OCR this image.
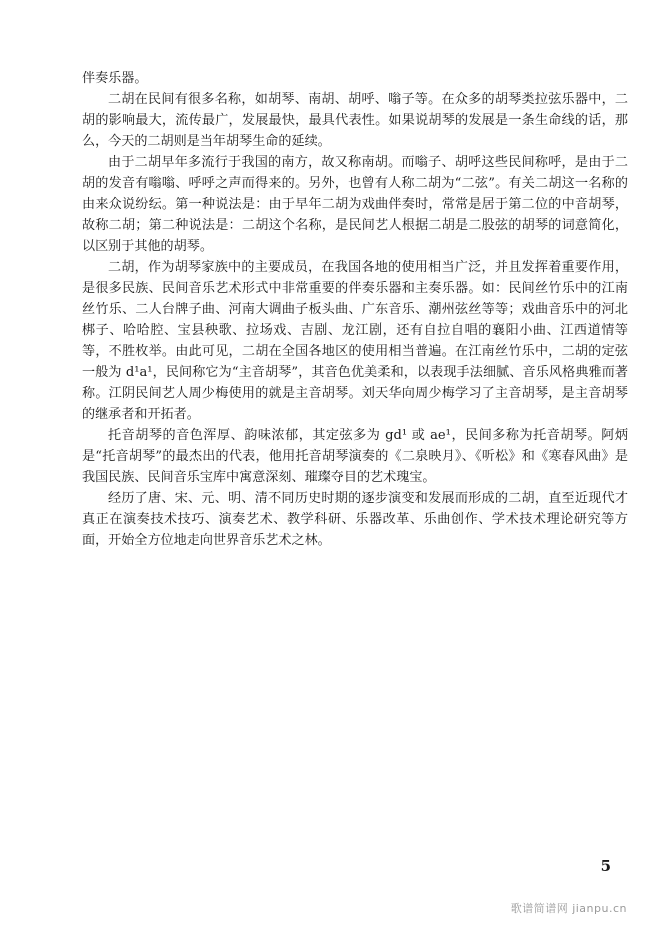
伴奏乐器。

二胡在民间有很多名称，如胡琴、南胡、胡呼、嗡子等。在众多的胡琴类拉弦乐器中，二胡的影响最大，流传最广，发展最快，最具代表性。如果说胡琴的发展是一条生命线的话，那么，今天的二胡则是当年胡琴生命的延续。

由于二胡早年多流行于我国的南方，故又称南胡。而嗡子、胡呼这些民间称呼，是由于二胡的发音有嗡嗡、呼呼之声而得来的。另外，也曾有人称二胡为“二弦”。有关二胡这一名称的由来众说纷纭。第一种说法是：由于早年二胡为戏曲伴奏时，常常是居于第二位的中音胡琴，故称二胡；第二种说法是：二胡这个名称，是民间艺人根据二胡是二股弦的胡琴的词意简化，以区别于其他的胡琴。

二胡，作为胡琴家族中的主要成员，在我国各地的使用相当广泛，并且发挥着重要作用，是很多民族、民间音乐艺术形式中非常重要的伴奏乐器和主奏乐器。如：民间丝竹乐中的江南丝竹乐、二人台牌子曲、河南大调曲子板头曲、广东音乐、潮州弦丝等等；戏曲音乐中的河北梆子、哈哈腔、宝县秧歌、拉场戏、吉剧、龙江剧，还有自拉自唱的襄阳小曲、江西道情等等，不胜枚举。由此可见，二胡在全国各地区的使用相当普遍。在江南丝竹乐中，二胡的定弦一般为 d¹a¹，民间称它为“主音胡琴”，其音色优美柔和，以表现手法细腻、音乐风格典雅而著称。江阴民间艺人周少梅使用的就是主音胡琴。刘天华向周少梅学习了主音胡琴，是主音胡琴的继承者和开拓者。

托音胡琴的音色浑厚、韵味浓郁，其定弦多为 gd¹ 或 ae¹，民间多称为托音胡琴。阿炳是“托音胡琴”的最杰出的代表，他用托音胡琴演奏的《二泉映月》、《听松》和《寒春风曲》是我国民族、民间音乐宝库中寓意深刻、璀璨夺目的艺术瑰宝。

经历了唐、宋、元、明、清不同历史时期的逐步演变和发展而形成的二胡，直至近现代才真正在演奏技术技巧、演奏艺术、教学科研、乐器改革、乐曲创作、学术技术理论研究等方面，开始全方位地走向世界音乐艺术之林。

5
歌谱简谱网 jianpu.cn
